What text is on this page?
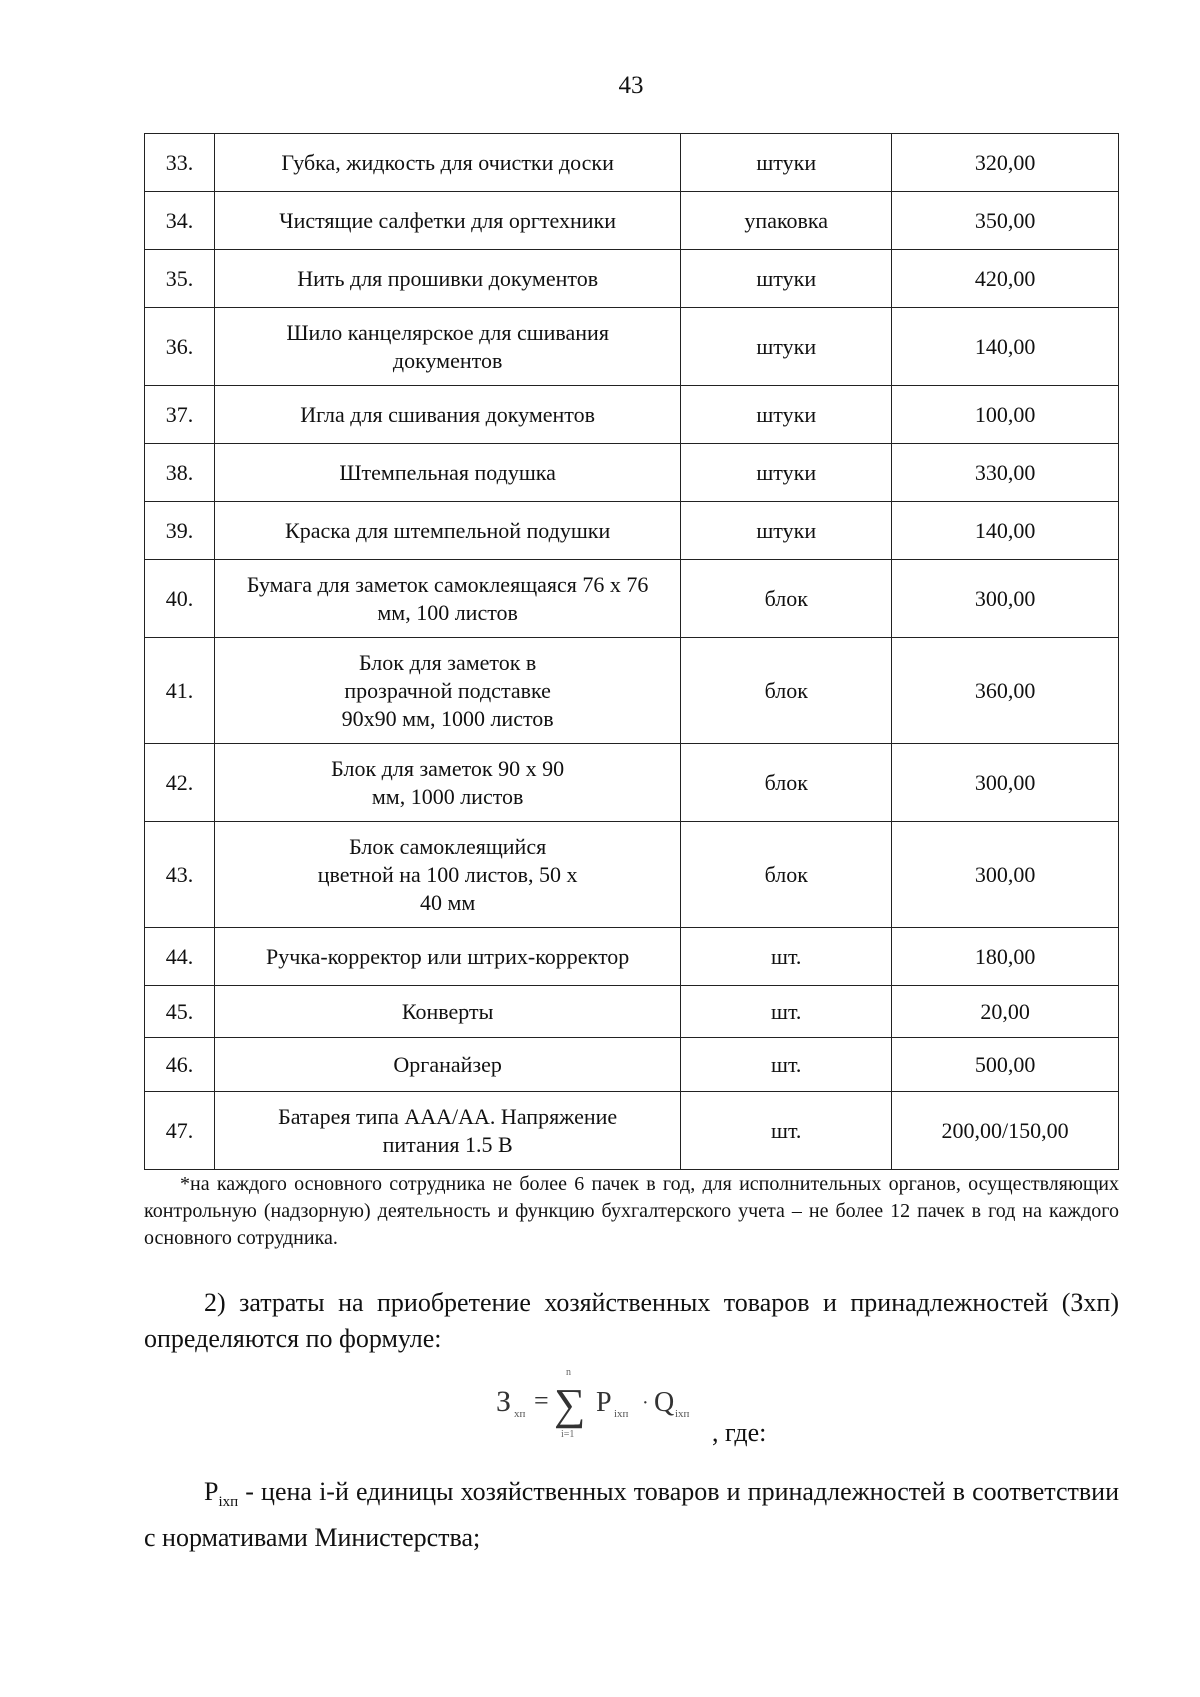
43
33.	Губка, жидкость для очистки доски	штуки	320,00
34.	Чистящие салфетки для оргтехники	упаковка	350,00
35.	Нить для прошивки документов	штуки	420,00
36.	Шило канцелярское для сшивания
документов	штуки	140,00
37.	Игла для сшивания документов	штуки	100,00
38.	Штемпельная подушка	штуки	330,00
39.	Краска для штемпельной подушки	штуки	140,00
40.	Бумага для заметок самоклеящаяся 76 х 76
мм, 100 листов	блок	300,00
41.	Блок для заметок в
прозрачной подставке
90х90 мм, 1000 листов	блок	360,00
42.	Блок для заметок 90 х 90
мм, 1000 листов	блок	300,00
43.	Блок самоклеящийся
цветной на 100 листов, 50 х
40 мм	блок	300,00
44.	Ручка-корректор или штрих-корректор	шт.	180,00
45.	Конверты	шт.	20,00
46.	Органайзер	шт.	500,00
47.	Батарея типа ААА/АА. Напряжение
питания 1.5 В	шт.	200,00/150,00

*на каждого основного сотрудника не более 6 пачек в год, для исполнительных органов, осуществляющих контрольную (надзорную) деятельность и функцию бухгалтерского учета – не более 12 пачек в год на каждого основного сотрудника.

2) затраты на приобретение хозяйственных товаров и принадлежностей (Зхп) определяются по формуле:

З хп = ∑
n
i=1
P ixп · Q ixп
, где:

$P_{ixп}$ - цена i-й единицы хозяйственных товаров и принадлежностей в соответствии с нормативами Министерства;
